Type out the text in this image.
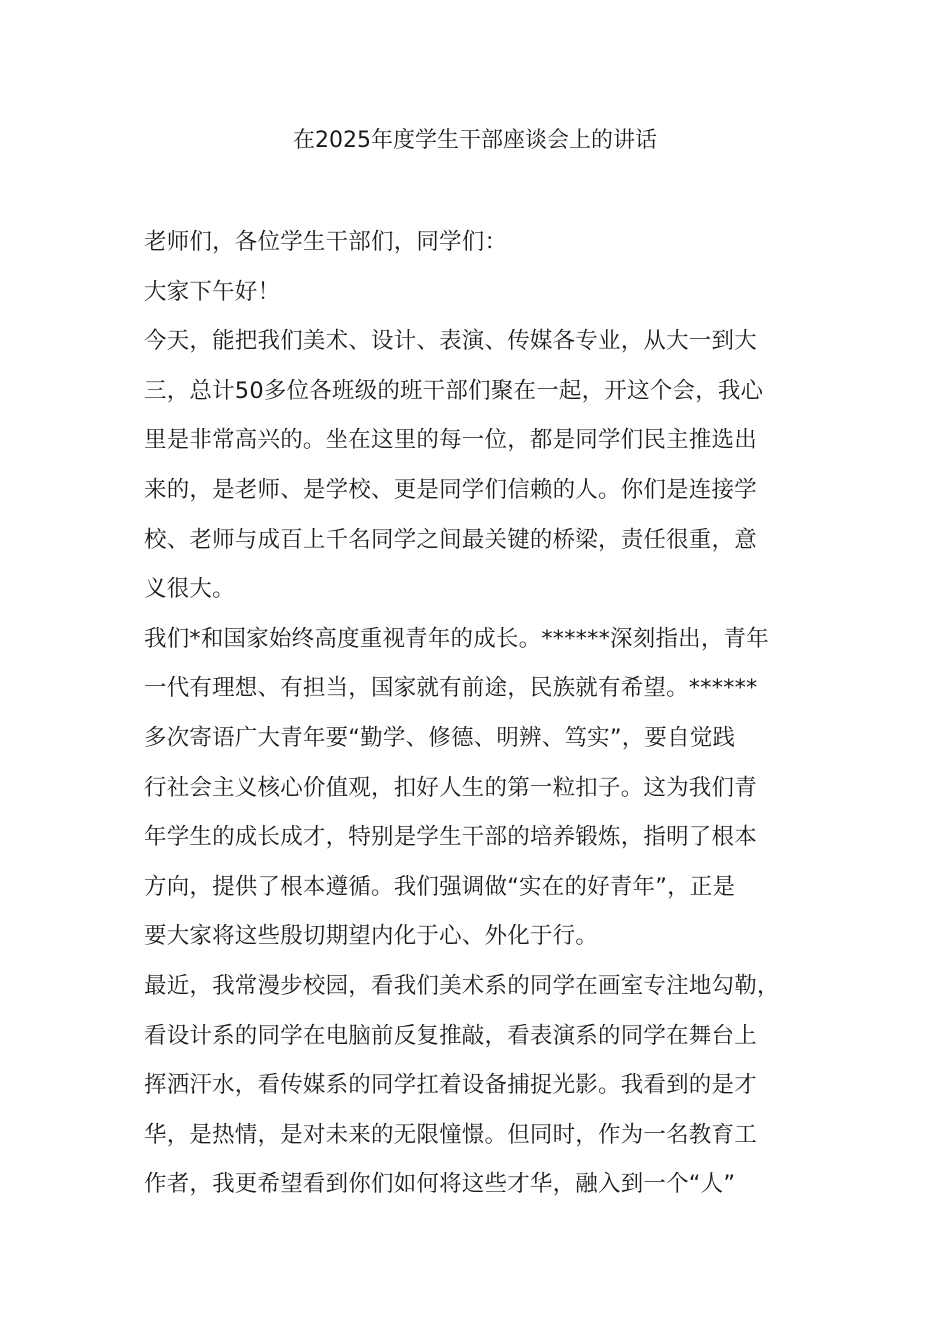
在2025年度学生干部座谈会上的讲话
老师们，各位学生干部们，同学们：
大家下午好！
今天，能把我们美术、设计、表演、传媒各专业，从大一到大
三，总计50多位各班级的班干部们聚在一起，开这个会，我心
里是非常高兴的。坐在这里的每一位，都是同学们民主推选出
来的，是老师、是学校、更是同学们信赖的人。你们是连接学
校、老师与成百上千名同学之间最关键的桥梁，责任很重，意
义很大。
我们*和国家始终高度重视青年的成长。******深刻指出，青年
一代有理想、有担当，国家就有前途，民族就有希望。******
多次寄语广大青年要“勤学、修德、明辨、笃实”，要自觉践
行社会主义核心价值观，扣好人生的第一粒扣子。这为我们青
年学生的成长成才，特别是学生干部的培养锻炼，指明了根本
方向，提供了根本遵循。我们强调做“实在的好青年”，正是
要大家将这些殷切期望内化于心、外化于行。
最近，我常漫步校园，看我们美术系的同学在画室专注地勾勒，
看设计系的同学在电脑前反复推敲，看表演系的同学在舞台上
挥洒汗水，看传媒系的同学扛着设备捕捉光影。我看到的是才
华，是热情，是对未来的无限憧憬。但同时，作为一名教育工
作者，我更希望看到你们如何将这些才华，融入到一个“人”
